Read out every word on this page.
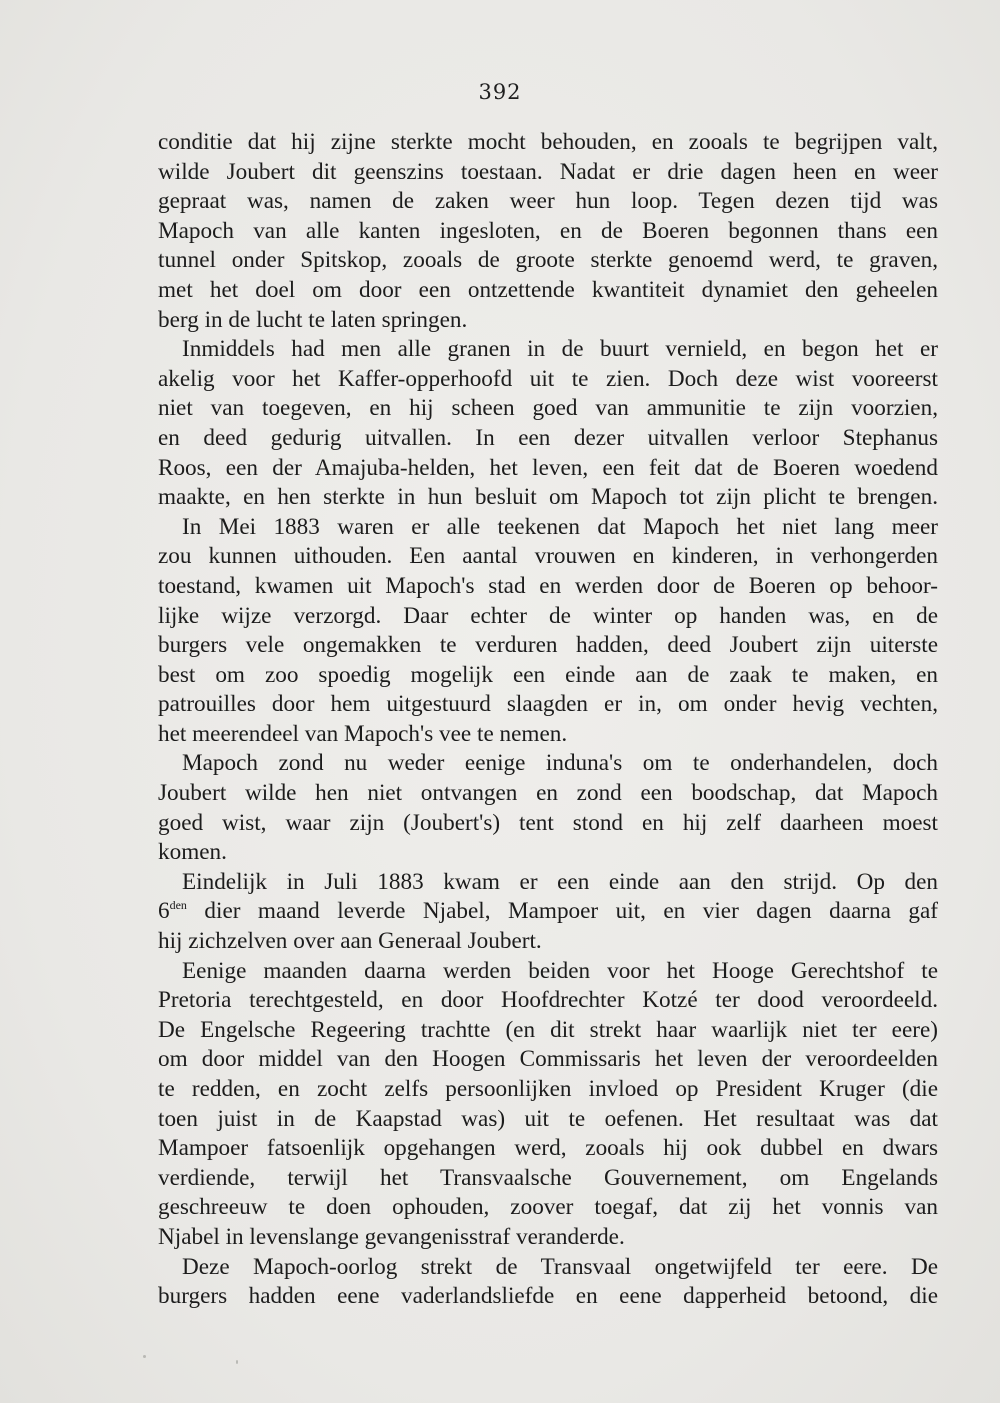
392

conditie dat hij zijne sterkte mocht behouden, en zooals te begrijpen valt,
wilde Joubert dit geenszins toestaan. Nadat er drie dagen heen en weer
gepraat was, namen de zaken weer hun loop. Tegen dezen tijd was
Mapoch van alle kanten ingesloten, en de Boeren begonnen thans een
tunnel onder Spitskop, zooals de groote sterkte genoemd werd, te graven,
met het doel om door een ontzettende kwantiteit dynamiet den geheelen
berg in de lucht te laten springen.

Inmiddels had men alle granen in de buurt vernield, en begon het er
akelig voor het Kaffer-opperhoofd uit te zien. Doch deze wist vooreerst
niet van toegeven, en hij scheen goed van ammunitie te zijn voorzien,
en deed gedurig uitvallen. In een dezer uitvallen verloor Stephanus
Roos, een der Amajuba-helden, het leven, een feit dat de Boeren woedend
maakte, en hen sterkte in hun besluit om Mapoch tot zijn plicht te brengen.

In Mei 1883 waren er alle teekenen dat Mapoch het niet lang meer
zou kunnen uithouden. Een aantal vrouwen en kinderen, in verhongerden
toestand, kwamen uit Mapoch's stad en werden door de Boeren op behoor-
lijke wijze verzorgd. Daar echter de winter op handen was, en de
burgers vele ongemakken te verduren hadden, deed Joubert zijn uiterste
best om zoo spoedig mogelijk een einde aan de zaak te maken, en
patrouilles door hem uitgestuurd slaagden er in, om onder hevig vechten,
het meerendeel van Mapoch's vee te nemen.

Mapoch zond nu weder eenige induna's om te onderhandelen, doch
Joubert wilde hen niet ontvangen en zond een boodschap, dat Mapoch
goed wist, waar zijn (Joubert's) tent stond en hij zelf daarheen moest
komen.

Eindelijk in Juli 1883 kwam er een einde aan den strijd. Op den
$6^{den}$ dier maand leverde Njabel, Mampoer uit, en vier dagen daarna gaf
hij zichzelven over aan Generaal Joubert.

Eenige maanden daarna werden beiden voor het Hooge Gerechtshof te
Pretoria terechtgesteld, en door Hoofdrechter Kotzé ter dood veroordeeld.
De Engelsche Regeering trachtte (en dit strekt haar waarlijk niet ter eere)
om door middel van den Hoogen Commissaris het leven der veroordeelden
te redden, en zocht zelfs persoonlijken invloed op President Kruger (die
toen juist in de Kaapstad was) uit te oefenen. Het resultaat was dat
Mampoer fatsoenlijk opgehangen werd, zooals hij ook dubbel en dwars
verdiende, terwijl het Transvaalsche Gouvernement, om Engelands
geschreeuw te doen ophouden, zoover toegaf, dat zij het vonnis van
Njabel in levenslange gevangenisstraf veranderde.

Deze Mapoch-oorlog strekt de Transvaal ongetwijfeld ter eere. De
burgers hadden eene vaderlandsliefde en eene dapperheid betoond, die
